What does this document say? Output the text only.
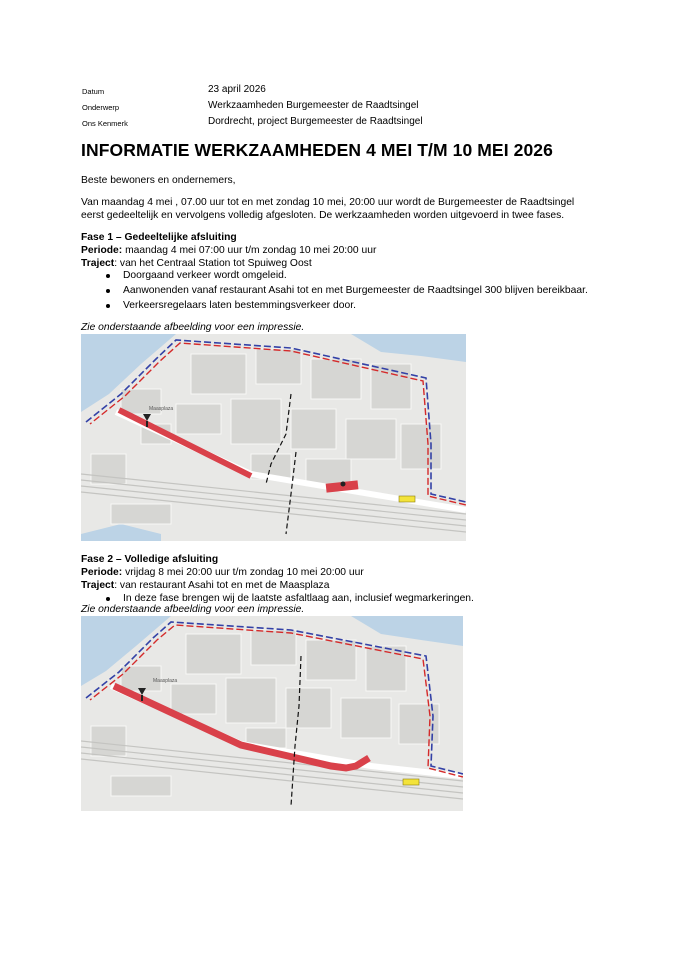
Datum	23 april 2026
Onderwerp	Werkzaamheden Burgemeester de Raadtsingel
Ons Kenmerk	Dordrecht, project Burgemeester de Raadtsingel
INFORMATIE WERKZAAMHEDEN 4 MEI T/M 10 MEI 2026
Beste bewoners en ondernemers,
Van maandag 4 mei , 07.00 uur tot en met zondag 10 mei, 20:00 uur wordt de Burgemeester de Raadtsingel
eerst gedeeltelijk en vervolgens volledig afgesloten. De werkzaamheden worden uitgevoerd in twee fases.
Fase 1 – Gedeeltelijke afsluiting
Periode: maandag 4 mei 07:00 uur t/m zondag 10 mei 20:00 uur
Traject: van het Centraal Station tot Spuiweg Oost
Doorgaand verkeer wordt omgeleid.
Aanwonenden vanaf restaurant Asahi tot en met Burgemeester de Raadtsingel 300 blijven bereikbaar.
Verkeersregelaars laten bestemmingsverkeer door.
Zie onderstaande afbeelding voor een impressie.
Maasplaza
Fase 2 – Volledige afsluiting
Periode: vrijdag 8 mei 20:00 uur t/m zondag 10 mei 20:00 uur
Traject: van restaurant Asahi tot en met de Maasplaza
In deze fase brengen wij de laatste asfaltlaag aan, inclusief wegmarkeringen.
Zie onderstaande afbeelding voor een impressie.
Maasplaza
